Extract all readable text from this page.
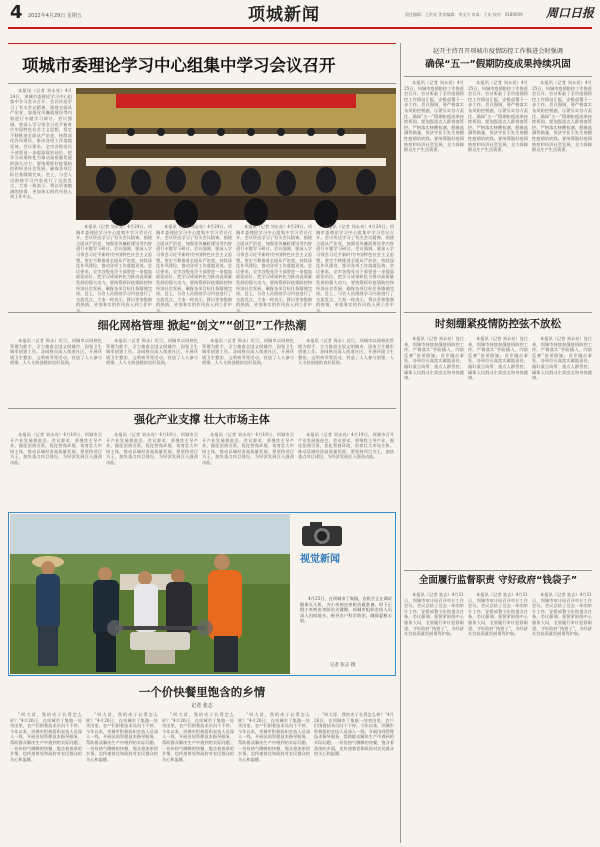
4 2022年4月29日 星期五	项城新闻	责任编辑：王洪亮 美术编辑：李文兴 审读：于庆 校对：0180009 周口日报
项城市委理论学习中心组集中学习会议召开

本报讯（记者 刘永亮）4月24日，项城市委理论学习中心组集中学习会议召开。会议传达学习了有关会议精神，围绕全面从严治党、加强党风廉政建设等内容进行专题学习研讨。会议强调，要深入学习领会习近平新时代中国特色社会主义思想，坚定不移推进全面从严治党，持续深化作风建设，推动各项工作落地见效。会议要求，全市各级党员干部要进一步提高政治站位，把学习成果转化为推动高质量发展的强大动力。要统筹抓好疫情防控和经济社会发展，确保各项目标任务圆满完成。会上，与会人员围绕学习内容进行了交流发言，大家一致表示，将以更加饱满的热情、更加务实的作风投入到工作中去。

本报讯（记者 刘永亮）4月24日，项城市委理论学习中心组集中学习会议召开。会议传达学习了有关会议精神，围绕全面从严治党、加强党风廉政建设等内容进行专题学习研讨。会议强调，要深入学习领会习近平新时代中国特色社会主义思想，坚定不移推进全面从严治党，持续深化作风建设，推动各项工作落地见效。会议要求，全市各级党员干部要进一步提高政治站位，把学习成果转化为推动高质量发展的强大动力。要统筹抓好疫情防控和经济社会发展，确保各项目标任务圆满完成。会上，与会人员围绕学习内容进行了交流发言，大家一致表示，将以更加饱满的热情、更加务实的作风投入到工作中去。

本报讯（记者 刘永亮）4月24日，项城市委理论学习中心组集中学习会议召开。会议传达学习了有关会议精神，围绕全面从严治党、加强党风廉政建设等内容进行专题学习研讨。会议强调，要深入学习领会习近平新时代中国特色社会主义思想，坚定不移推进全面从严治党，持续深化作风建设，推动各项工作落地见效。会议要求，全市各级党员干部要进一步提高政治站位，把学习成果转化为推动高质量发展的强大动力。要统筹抓好疫情防控和经济社会发展，确保各项目标任务圆满完成。会上，与会人员围绕学习内容进行了交流发言，大家一致表示，将以更加饱满的热情、更加务实的作风投入到工作中去。

本报讯（记者 刘永亮）4月24日，项城市委理论学习中心组集中学习会议召开。会议传达学习了有关会议精神，围绕全面从严治党、加强党风廉政建设等内容进行专题学习研讨。会议强调，要深入学习领会习近平新时代中国特色社会主义思想，坚定不移推进全面从严治党，持续深化作风建设，推动各项工作落地见效。会议要求，全市各级党员干部要进一步提高政治站位，把学习成果转化为推动高质量发展的强大动力。要统筹抓好疫情防控和经济社会发展，确保各项目标任务圆满完成。会上，与会人员围绕学习内容进行了交流发言，大家一致表示，将以更加饱满的热情、更加务实的作风投入到工作中去。

本报讯（记者 刘永亮）4月24日，项城市委理论学习中心组集中学习会议召开。会议传达学习了有关会议精神，围绕全面从严治党、加强党风廉政建设等内容进行专题学习研讨。会议强调，要深入学习领会习近平新时代中国特色社会主义思想，坚定不移推进全面从严治党，持续深化作风建设，推动各项工作落地见效。会议要求，全市各级党员干部要进一步提高政治站位，把学习成果转化为推动高质量发展的强大动力。要统筹抓好疫情防控和经济社会发展，确保各项目标任务圆满完成。会上，与会人员围绕学习内容进行了交流发言，大家一致表示，将以更加饱满的热情、更加务实的作风投入到工作中去。

赵开主持召开项城市疫情防控工作推进会时强调
确保“五一”假期防疫成果持续巩固

本报讯（记者 刘永亮）4月25日，项城市疫情防控工作推进会召开。会议听取了全市疫情防控工作情况汇报，安排部署下一步工作。会议强调，要严格落实各项防控措施，压紧压实各方责任，确保“五一”假期防疫成果持续巩固。要加强重点人群排查管控，严格落实核酸检测、健康监测等措施，坚决守住不发生规模性疫情的底线。要统筹做好疫情防控和经济社会发展，全力保障群众生产生活需要。

本报讯（记者 刘永亮）4月25日，项城市疫情防控工作推进会召开。会议听取了全市疫情防控工作情况汇报，安排部署下一步工作。会议强调，要严格落实各项防控措施，压紧压实各方责任，确保“五一”假期防疫成果持续巩固。要加强重点人群排查管控，严格落实核酸检测、健康监测等措施，坚决守住不发生规模性疫情的底线。要统筹做好疫情防控和经济社会发展，全力保障群众生产生活需要。

本报讯（记者 刘永亮）4月25日，项城市疫情防控工作推进会召开。会议听取了全市疫情防控工作情况汇报，安排部署下一步工作。会议强调，要严格落实各项防控措施，压紧压实各方责任，确保“五一”假期防疫成果持续巩固。要加强重点人群排查管控，严格落实核酸检测、健康监测等措施，坚决守住不发生规模性疫情的底线。要统筹做好疫情防控和经济社会发展，全力保障群众生产生活需要。

细化网格管理 掀起“创文”“创卫”工作热潮

本报讯（记者 周永）近日，项城市以网格化管理为抓手，全力推进全国文明城市、国家卫生城市创建工作。各网格员深入街道社区，开展环境卫生整治、文明劝导等活动，营造了人人参与创建、人人支持创建的良好氛围。

本报讯（记者 周永）近日，项城市以网格化管理为抓手，全力推进全国文明城市、国家卫生城市创建工作。各网格员深入街道社区，开展环境卫生整治、文明劝导等活动，营造了人人参与创建、人人支持创建的良好氛围。

本报讯（记者 周永）近日，项城市以网格化管理为抓手，全力推进全国文明城市、国家卫生城市创建工作。各网格员深入街道社区，开展环境卫生整治、文明劝导等活动，营造了人人参与创建、人人支持创建的良好氛围。

本报讯（记者 周永）近日，项城市以网格化管理为抓手，全力推进全国文明城市、国家卫生城市创建工作。各网格员深入街道社区，开展环境卫生整治、文明劝导等活动，营造了人人参与创建、人人支持创建的良好氛围。

时刻绷紧疫情防控弦不放松

本报讯（记者 刘永亮）连日来，项城市持续加强疫情防控工作，严格落实“外防输入、内防反弹”各项措施。各乡镇办事处、各单位认真落实属地责任，做好重点场所、重点人群管控，确保人民群众生命安全和身体健康。

本报讯（记者 刘永亮）连日来，项城市持续加强疫情防控工作，严格落实“外防输入、内防反弹”各项措施。各乡镇办事处、各单位认真落实属地责任，做好重点场所、重点人群管控，确保人民群众生命安全和身体健康。

本报讯（记者 刘永亮）连日来，项城市持续加强疫情防控工作，严格落实“外防输入、内防反弹”各项措施。各乡镇办事处、各单位认真落实属地责任，做好重点场所、重点人群管控，确保人民群众生命安全和身体健康。

强化产业支撑 壮大市场主体

本报讯（记者 刘永亮）4月19日，项城市召开产业发展推进会。会议要求，要聚焦主导产业，强化招商引资，优化营商环境，培育壮大市场主体，推动县域经济高质量发展。要坚持项目为王，加快重点项目建设，为经济发展注入强劲动能。

本报讯（记者 刘永亮）4月19日，项城市召开产业发展推进会。会议要求，要聚焦主导产业，强化招商引资，优化营商环境，培育壮大市场主体，推动县域经济高质量发展。要坚持项目为王，加快重点项目建设，为经济发展注入强劲动能。

本报讯（记者 刘永亮）4月19日，项城市召开产业发展推进会。会议要求，要聚焦主导产业，强化招商引资，优化营商环境，培育壮大市场主体，推动县域经济高质量发展。要坚持项目为王，加快重点项目建设，为经济发展注入强劲动能。

本报讯（记者 刘永亮）4月19日，项城市召开产业发展推进会。会议要求，要聚焦主导产业，强化招商引资，优化营商环境，培育壮大市场主体，推动县域经济高质量发展。要坚持项目为王，加快重点项目建设，为经济发展注入强劲动能。

视觉新闻

4月25日，在项城市丁集镇，农机手正在调试植保无人机，为小麦病虫害防治做准备。时下正值小麦病虫害防治关键期，项城市组织农技人员深入田间地头，指导农户科学防治，确保夏粮丰收。

记者 张志 摄
一个价快餐里饱含的乡情
记者 张志

“叫大哥，我的麦子长得怎么样？”4月26日，在项城市丁集镇一处麦田里，农户们围着技术员问个不停。今年以来，项城市积极组织农技人员深入一线，开展田间管理技术指导服务，帮助群众解决生产中遇到的实际问题。一份份热气腾腾的快餐，饱含着浓浓的乡情，也传递着党和政府对农民群众的关心和温暖。

“叫大哥，我的麦子长得怎么样？”4月26日，在项城市丁集镇一处麦田里，农户们围着技术员问个不停。今年以来，项城市积极组织农技人员深入一线，开展田间管理技术指导服务，帮助群众解决生产中遇到的实际问题。一份份热气腾腾的快餐，饱含着浓浓的乡情，也传递着党和政府对农民群众的关心和温暖。

“叫大哥，我的麦子长得怎么样？”4月26日，在项城市丁集镇一处麦田里，农户们围着技术员问个不停。今年以来，项城市积极组织农技人员深入一线，开展田间管理技术指导服务，帮助群众解决生产中遇到的实际问题。一份份热气腾腾的快餐，饱含着浓浓的乡情，也传递着党和政府对农民群众的关心和温暖。

“叫大哥，我的麦子长得怎么样？”4月26日，在项城市丁集镇一处麦田里，农户们围着技术员问个不停。今年以来，项城市积极组织农技人员深入一线，开展田间管理技术指导服务，帮助群众解决生产中遇到的实际问题。一份份热气腾腾的快餐，饱含着浓浓的乡情，也传递着党和政府对农民群众的关心和温暖。

“叫大哥，我的麦子长得怎么样？”4月26日，在项城市丁集镇一处麦田里，农户们围着技术员问个不停。今年以来，项城市积极组织农技人员深入一线，开展田间管理技术指导服务，帮助群众解决生产中遇到的实际问题。一份份热气腾腾的快餐，饱含着浓浓的乡情，也传递着党和政府对农民群众的关心和温暖。

全面履行监督职责 守好政府“钱袋子”

本报讯（记者 张志）4月21日，项城市审计局召开审计工作会议。会议总结了过去一年的审计工作，安排部署今年的重点任务。会议强调，要紧紧围绕中心服务大局，全面履行审计监督职责，守好政府“钱袋子”，为经济社会高质量发展保驾护航。

本报讯（记者 张志）4月21日，项城市审计局召开审计工作会议。会议总结了过去一年的审计工作，安排部署今年的重点任务。会议强调，要紧紧围绕中心服务大局，全面履行审计监督职责，守好政府“钱袋子”，为经济社会高质量发展保驾护航。

本报讯（记者 张志）4月21日，项城市审计局召开审计工作会议。会议总结了过去一年的审计工作，安排部署今年的重点任务。会议强调，要紧紧围绕中心服务大局，全面履行审计监督职责，守好政府“钱袋子”，为经济社会高质量发展保驾护航。
